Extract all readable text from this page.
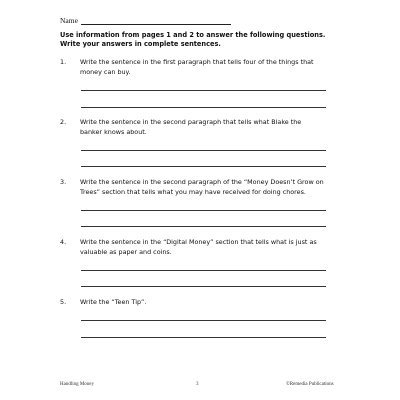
Name
Use information from pages 1 and 2 to answer the following questions.
Write your answers in complete sentences.
1. Write the sentence in the first paragraph that tells four of the things that
money can buy.
2. Write the sentence in the second paragraph that tells what Blake the
banker knows about.
3. Write the sentence in the second paragraph of the “Money Doesn’t Grow on
Trees” section that tells what you may have received for doing chores.
4. Write the sentence in the “Digital Money” section that tells what is just as
valuable as paper and coins.
5. Write the “Teen Tip”.
Handling Money	3	©Remedia Publications
